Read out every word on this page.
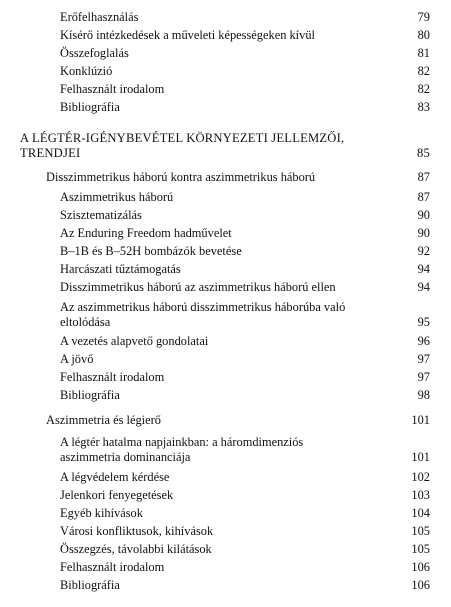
Erőfelhasználás	79
Kísérő intézkedések a műveleti képességeken kívül	80
Összefoglalás	81
Konklúzió	82
Felhasznált irodalom	82
Bibliográfia	83
A LÉGTÉR-IGÉNYBEVÉTEL KÖRNYEZETI JELLEMZŐI, TRENDJEI	85
Disszimmetrikus háború kontra aszimmetrikus háború	87
Aszimmetrikus háború	87
Szisztematizálás	90
Az Enduring Freedom hadművelet	90
B–1B és B–52H bombázók bevetése	92
Harcászati tűztámogatás	94
Disszimmetrikus háború az aszimmetrikus háború ellen	94
Az aszimmetrikus háború disszimmetrikus háborúba való eltolódása	95
A vezetés alapvető gondolatai	96
A jövő	97
Felhasznált irodalom	97
Bibliográfia	98
Aszimmetria és légierő	101
A légtér hatalma napjainkban: a háromdimenziós aszimmetria dominanciája	101
A légvédelem kérdése	102
Jelenkori fenyegetések	103
Egyéb kihívások	104
Városi konfliktusok, kihívások	105
Összegzés, távolabbi kilátások	105
Felhasznált irodalom	106
Bibliográfia	106
